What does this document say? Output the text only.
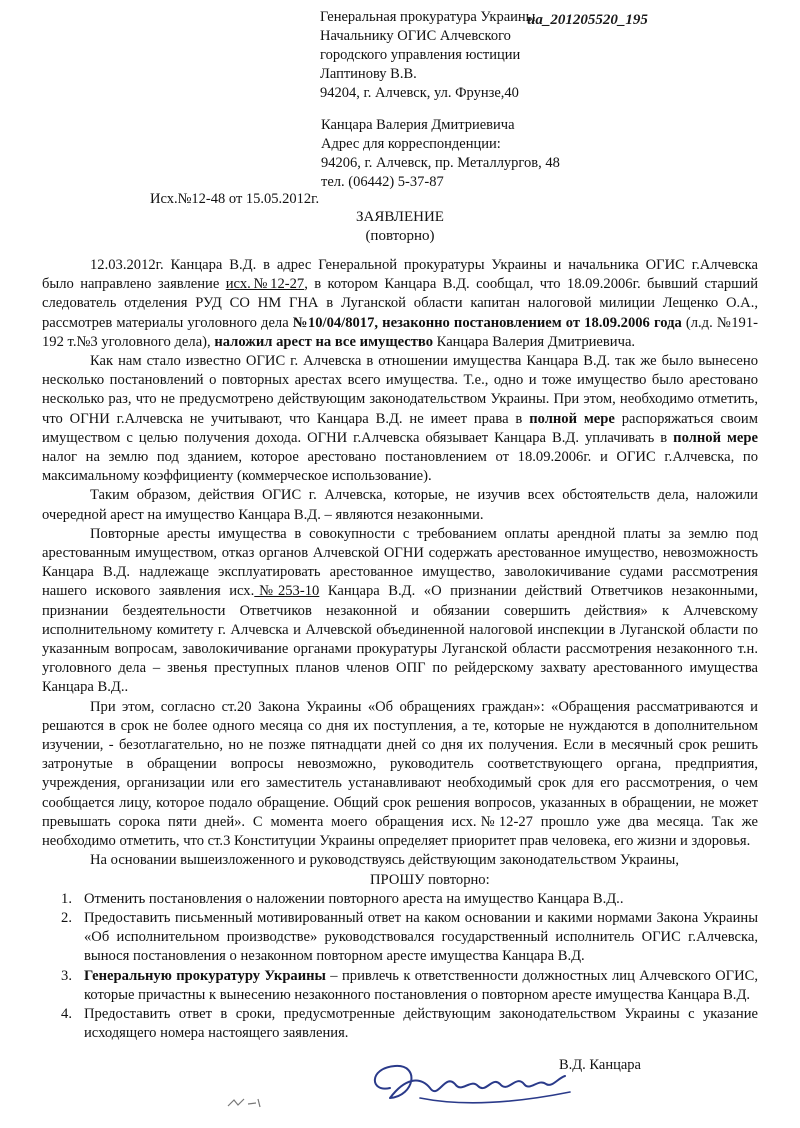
ua_201205520_195
Генеральная прокуратура Украины
Начальнику ОГИС Алчевского
городского управления юстиции
Лаптинову В.В.
94204, г. Алчевск, ул. Фрунзе,40
Канцара Валерия Дмитриевича
Адрес для корреспонденции:
94206, г. Алчевск, пр. Металлургов, 48
тел. (06442) 5-37-87
Исх.№12-48 от 15.05.2012г.
ЗАЯВЛЕНИЕ
(повторно)

12.03.2012г. Канцара В.Д. в адрес Генеральной прокуратуры Украины и начальника ОГИС г.Алчевска было направлено заявление исх.№12-27, в котором Канцара В.Д. сообщал, что 18.09.2006г. бывший старший следователь отделения РУД СО НМ ГНА в Луганской области капитан налоговой милиции Лещенко О.А., рассмотрев материалы уголовного дела №10/04/8017, незаконно постановлением от 18.09.2006 года (л.д. №191-192 т.№3 уголовного дела), наложил арест на все имущество Канцара Валерия Дмитриевича.

Как нам стало известно ОГИС г. Алчевска в отношении имущества Канцара В.Д. так же было вынесено несколько постановлений о повторных арестах всего имущества. Т.е., одно и тоже имущество было арестовано несколько раз, что не предусмотрено действующим законодательством Украины. При этом, необходимо отметить, что ОГНИ г.Алчевска не учитывают, что Канцара В.Д. не имеет права в полной мере распоряжаться своим имуществом с целью получения дохода. ОГНИ г.Алчевска обязывает Канцара В.Д. уплачивать в полной мере налог на землю под зданием, которое арестовано постановлением от 18.09.2006г. и ОГИС г.Алчевска, по максимальному коэффициенту (коммерческое использование).

Таким образом, действия ОГИС г. Алчевска, которые, не изучив всех обстоятельств дела, наложили очередной арест на имущество Канцара В.Д. – являются незаконными.

Повторные аресты имущества в совокупности с требованием оплаты арендной платы за землю под арестованным имуществом, отказ органов Алчевской ОГНИ содержать арестованное имущество, невозможность Канцара В.Д. надлежаще эксплуатировать арестованное имущество, заволокичивание судами рассмотрения нашего искового заявления исх.№253-10 Канцара В.Д. «О признании действий Ответчиков незаконными, признании бездеятельности Ответчиков незаконной и обязании совершить действия» к Алчевскому исполнительному комитету г. Алчевска и Алчевской объединенной налоговой инспекции в Луганской области по указанным вопросам, заволокичивание органами прокуратуры Луганской области рассмотрения незаконного т.н. уголовного дела – звенья преступных планов членов ОПГ по рейдерскому захвату арестованного имущества Канцара В.Д..

При этом, согласно ст.20 Закона Украины «Об обращениях граждан»: «Обращения рассматриваются и решаются в срок не более одного месяца со дня их поступления, а те, которые не нуждаются в дополнительном изучении, - безотлагательно, но не позже пятнадцати дней со дня их получения. Если в месячный срок решить затронутые в обращении вопросы невозможно, руководитель соответствующего органа, предприятия, учреждения, организации или его заместитель устанавливают необходимый срок для его рассмотрения, о чем сообщается лицу, которое подало обращение. Общий срок решения вопросов, указанных в обращении, не может превышать сорока пяти дней». С момента моего обращения исх.№12-27 прошло уже два месяца. Так же необходимо отметить, что ст.3 Конституции Украины определяет приоритет прав человека, его жизни и здоровья.

На основании вышеизложенного и руководствуясь действующим законодательством Украины,

ПРОШУ повторно:

1. Отменить постановления о наложении повторного ареста на имущество Канцара В.Д..
2. Предоставить письменный мотивированный ответ на каком основании и какими нормами Закона Украины «Об исполнительном производстве» руководствовался государственный исполнитель ОГИС г.Алчевска, вынося постановления о незаконном повторном аресте имущества Канцара В.Д.
3. Генеральную прокуратуру Украины – привлечь к ответственности должностных лиц Алчевского ОГИС, которые причастны к вынесению незаконного постановления о повторном аресте имущества Канцара В.Д.
4. Предоставить ответ в сроки, предусмотренные действующим законодательством Украины с указание исходящего номера настоящего заявления.
В.Д. Канцара
